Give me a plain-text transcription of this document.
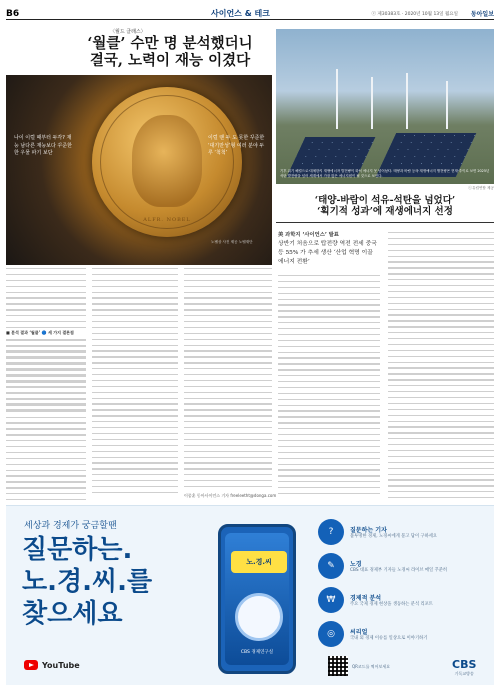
B6	사이언스 & 테크	ⓒ 제30383호 · 2020년 10월 13일 월요일 동아일보
〈월드 클래스〉
‘월클’ 수만 명 분석했더니
결국, 노력이 재능 이겼다
ALFR. NOBEL
나이 이럴 때부터 두각? 재능 남다른 재능보다 꾸준한 한 우물 파기 보단
이럴 땐 두 도 못한 꾸준한 ‘대기만성’형 여러 분야 두루 ‘척척’
노벨상 사진 제공 노벨재단
■ 분석 결과 ‘월클’ 🔵 세 가지 결론점
이종훈 동아사이언스 기자 freeleetht@donga.com
기후 위기 해결으로 대체한지 재생에너지 발전량이 화석 에너지 못 넘어섰다. 태양과 바람 등의 재생에너지 발전량은 현재 추이로 보면 2025년 석탄 발전량을 넘어 세계에서 가장 많은 에너지원이 될 것으로 보인다.
ⓒ유럽연합 제공
‘태양-바람이 석유-석탄을 넘었다’
‘획기적 성과’에 재생에너지 선정
美 과학지 ‘사이언스’ 발표
상반기 처음으로 탑전량 역전 전세 중국등 55% 가 추세 생산 ‘산업 혁명 이끌 에너지 전환’
세상과 경제가 궁금할땐
질문하는.
노.경.씨.를
찾으세요
YouTube
노.경.씨
CBS 경제연구실
?	질문하는 기자
불투명한 경제, 노경씨에게 묻고 답이 구하세요
✎	노경
CBS 대표 경제부 기자들 노경씨 라이브 매일 꾸준히
₩	경제적 분석
주요 국제 경제 현상을 생동하는 분석 리포트
◎	씨리얼
국내 외 경제 이슈를 일상으로 이야기하기
QR코드를 찍어보세요	CBS
기독교방송
